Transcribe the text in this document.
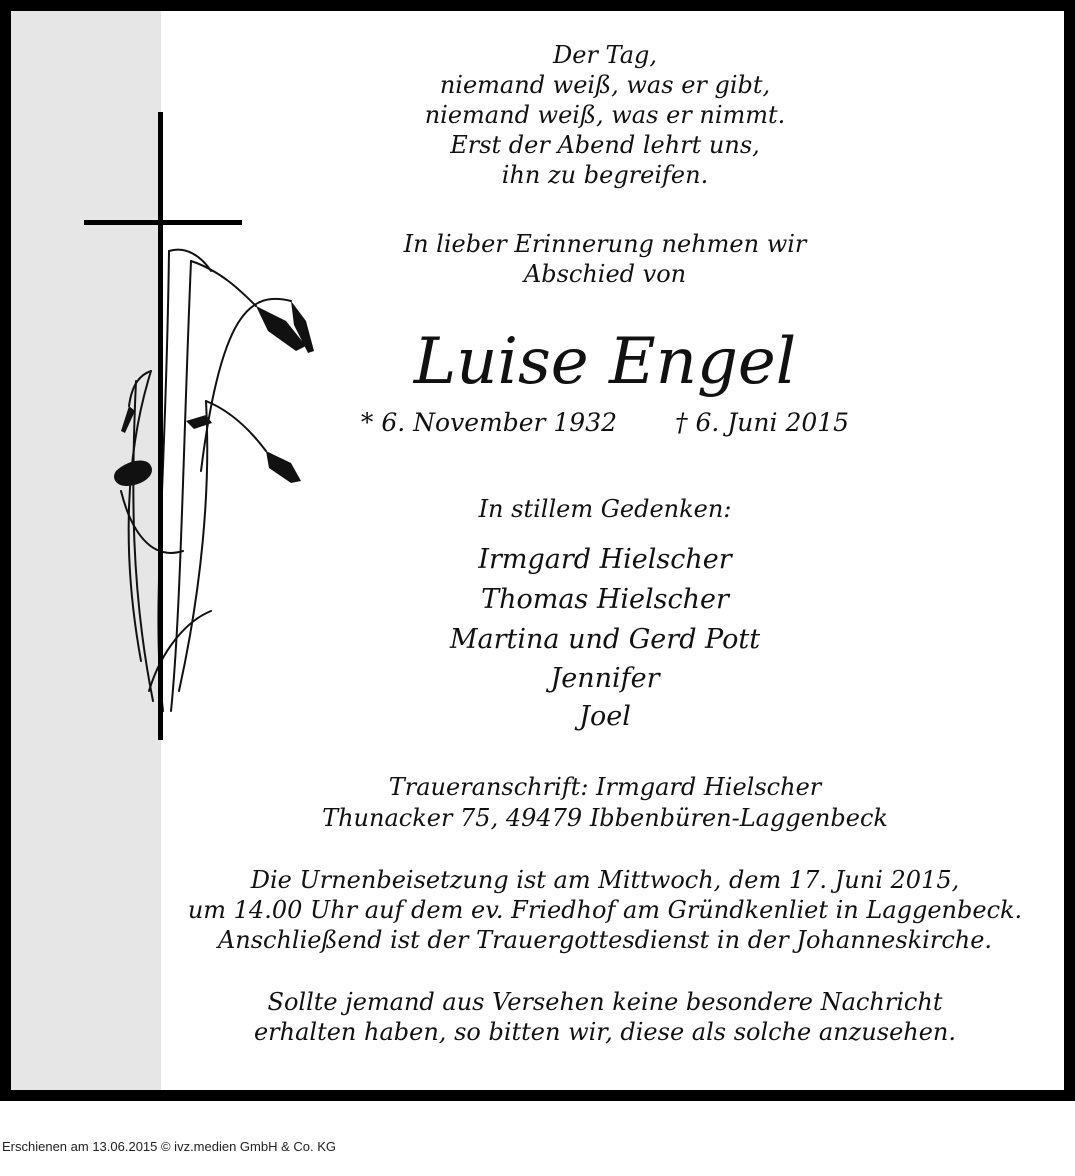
Der Tag,
niemand weiß, was er gibt,
niemand weiß, was er nimmt.
Erst der Abend lehrt uns,
ihn zu begreifen.
In lieber Erinnerung nehmen wir
Abschied von
Luise Engel
* 6. November 1932 † 6. Juni 2015
In stillem Gedenken:
Irmgard Hielscher
Thomas Hielscher
Martina und Gerd Pott
Jennifer
Joel
Traueranschrift: Irmgard Hielscher
Thunacker 75, 49479 Ibbenbüren-Laggenbeck
Die Urnenbeisetzung ist am Mittwoch, dem 17. Juni 2015,
um 14.00 Uhr auf dem ev. Friedhof am Gründkenliet in Laggenbeck.
Anschließend ist der Trauergottesdienst in der Johanneskirche.
Sollte jemand aus Versehen keine besondere Nachricht
erhalten haben, so bitten wir, diese als solche anzusehen.
Erschienen am 13.06.2015 © ivz.medien GmbH & Co. KG
